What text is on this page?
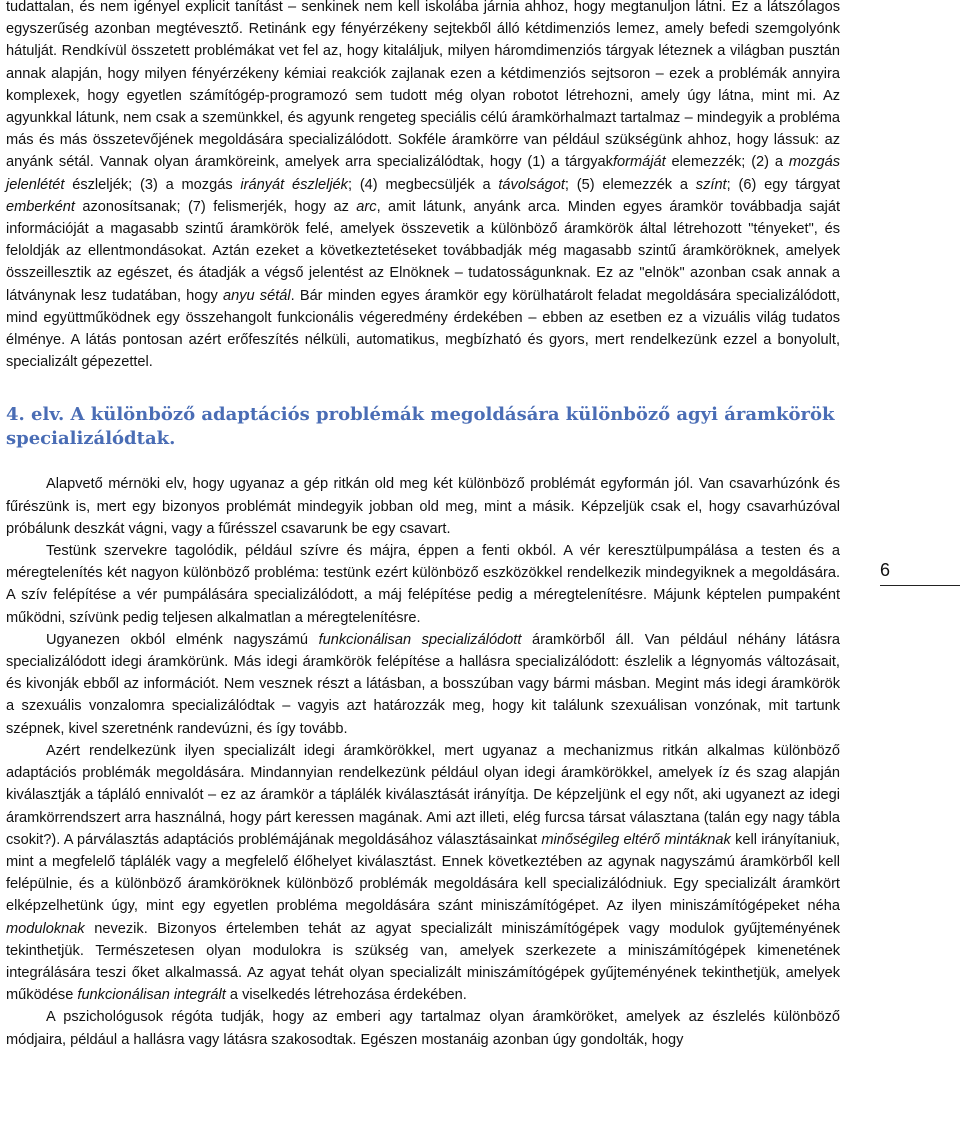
tudattalan, és nem igényel explicit tanítást – senkinek nem kell iskolába járnia ahhoz, hogy megtanuljon látni. Ez a látszólagos egyszerűség azonban megtévesztő. Retinánk egy fényérzékeny sejtekből álló kétdimenziós lemez, amely befedi szemgolyónk hátulját. Rendkívül összetett problémákat vet fel az, hogy kitaláljuk, milyen háromdimenziós tárgyak léteznek a világban pusztán annak alapján, hogy milyen fényérzékeny kémiai reakciók zajlanak ezen a kétdimenziós sejtsoron – ezek a problémák annyira komplexek, hogy egyetlen számítógép-programozó sem tudott még olyan robotot létrehozni, amely úgy látna, mint mi. Az agyunkkal látunk, nem csak a szemünkkel, és agyunk rengeteg speciális célú áramkörhalmazt tartalmaz – mindegyik a probléma más és más összetevőjének megoldására specializálódott. Sokféle áramkörre van például szükségünk ahhoz, hogy lássuk: az anyánk sétál. Vannak olyan áramköreink, amelyek arra specializálódtak, hogy (1) a tárgyakformáját elemezzék; (2) a mozgás jelenlétét észleljék; (3) a mozgás irányát észleljék; (4) megbecsüljék a távolságot; (5) elemezzék a színt; (6) egy tárgyat emberként azonosítsanak; (7) felismerjék, hogy az arc, amit látunk, anyánk arca. Minden egyes áramkör továbbadja saját információját a magasabb szintű áramkörök felé, amelyek összevetik a különböző áramkörök által létrehozott "tényeket", és feloldják az ellentmondásokat. Aztán ezeket a következtetéseket továbbadják még magasabb szintű áramköröknek, amelyek összeillesztik az egészet, és átadják a végső jelentést az Elnöknek – tudatosságunknak. Ez az "elnök" azonban csak annak a látványnak lesz tudatában, hogy anyu sétál. Bár minden egyes áramkör egy körülhatárolt feladat megoldására specializálódott, mind együttműködnek egy összehangolt funkcionális végeredmény érdekében – ebben az esetben ez a vizuális világ tudatos élménye. A látás pontosan azért erőfeszítés nélküli, automatikus, megbízható és gyors, mert rendelkezünk ezzel a bonyolult, specializált gépezettel.

4. elv. A különböző adaptációs problémák megoldására különböző agyi áramkörök specializálódtak.

Alapvető mérnöki elv, hogy ugyanaz a gép ritkán old meg két különböző problémát egyformán jól. Van csavarhúzónk és fűrészünk is, mert egy bizonyos problémát mindegyik jobban old meg, mint a másik. Képzeljük csak el, hogy csavarhúzóval próbálunk deszkát vágni, vagy a fűrésszel csavarunk be egy csavart.

Testünk szervekre tagolódik, például szívre és májra, éppen a fenti okból. A vér keresztülpumpálása a testen és a méregtelenítés két nagyon különböző probléma: testünk ezért különböző eszközökkel rendelkezik mindegyiknek a megoldására. A szív felépítése a vér pumpálására specializálódott, a máj felépítése pedig a méregtelenítésre. Májunk képtelen pumpaként működni, szívünk pedig teljesen alkalmatlan a méregtelenítésre.

Ugyanezen okból elménk nagyszámú funkcionálisan specializálódott áramkörből áll. Van például néhány látásra specializálódott idegi áramkörünk. Más idegi áramkörök felépítése a hallásra specializálódott: észlelik a légnyomás változásait, és kivonják ebből az információt. Nem vesznek részt a látásban, a bosszúban vagy bármi másban. Megint más idegi áramkörök a szexuális vonzalomra specializálódtak – vagyis azt határozzák meg, hogy kit találunk szexuálisan vonzónak, mit tartunk szépnek, kivel szeretnénk randevúzni, és így tovább.

Azért rendelkezünk ilyen specializált idegi áramkörökkel, mert ugyanaz a mechanizmus ritkán alkalmas különböző adaptációs problémák megoldására. Mindannyian rendelkezünk például olyan idegi áramkörökkel, amelyek íz és szag alapján kiválasztják a tápláló ennivalót – ez az áramkör a táplálék kiválasztását irányítja. De képzeljünk el egy nőt, aki ugyanezt az idegi áramkörrendszert arra használná, hogy párt keressen magának. Ami azt illeti, elég furcsa társat választana (talán egy nagy tábla csokit?). A párválasztás adaptációs problémájának megoldásához választásainkat minőségileg eltérő mintáknak kell irányítaniuk, mint a megfelelő táplálék vagy a megfelelő élőhelyet kiválasztást. Ennek következtében az agynak nagyszámú áramkörből kell felépülnie, és a különböző áramköröknek különböző problémák megoldására kell specializálódniuk. Egy specializált áramkört elképzelhetünk úgy, mint egy egyetlen probléma megoldására szánt miniszámítógépet. Az ilyen miniszámítógépeket néha moduloknak nevezik. Bizonyos értelemben tehát az agyat specializált miniszámítógépek vagy modulok gyűjteményének tekinthetjük. Természetesen olyan modulokra is szükség van, amelyek szerkezete a miniszámítógépek kimenetének integrálására teszi őket alkalmassá. Az agyat tehát olyan specializált miniszámítógépek gyűjteményének tekinthetjük, amelyek működése funkcionálisan integrált a viselkedés létrehozása érdekében.

A pszichológusok régóta tudják, hogy az emberi agy tartalmaz olyan áramköröket, amelyek az észlelés különböző módjaira, például a hallásra vagy látásra szakosodtak. Egészen mostanáig azonban úgy gondolták, hogy

6
